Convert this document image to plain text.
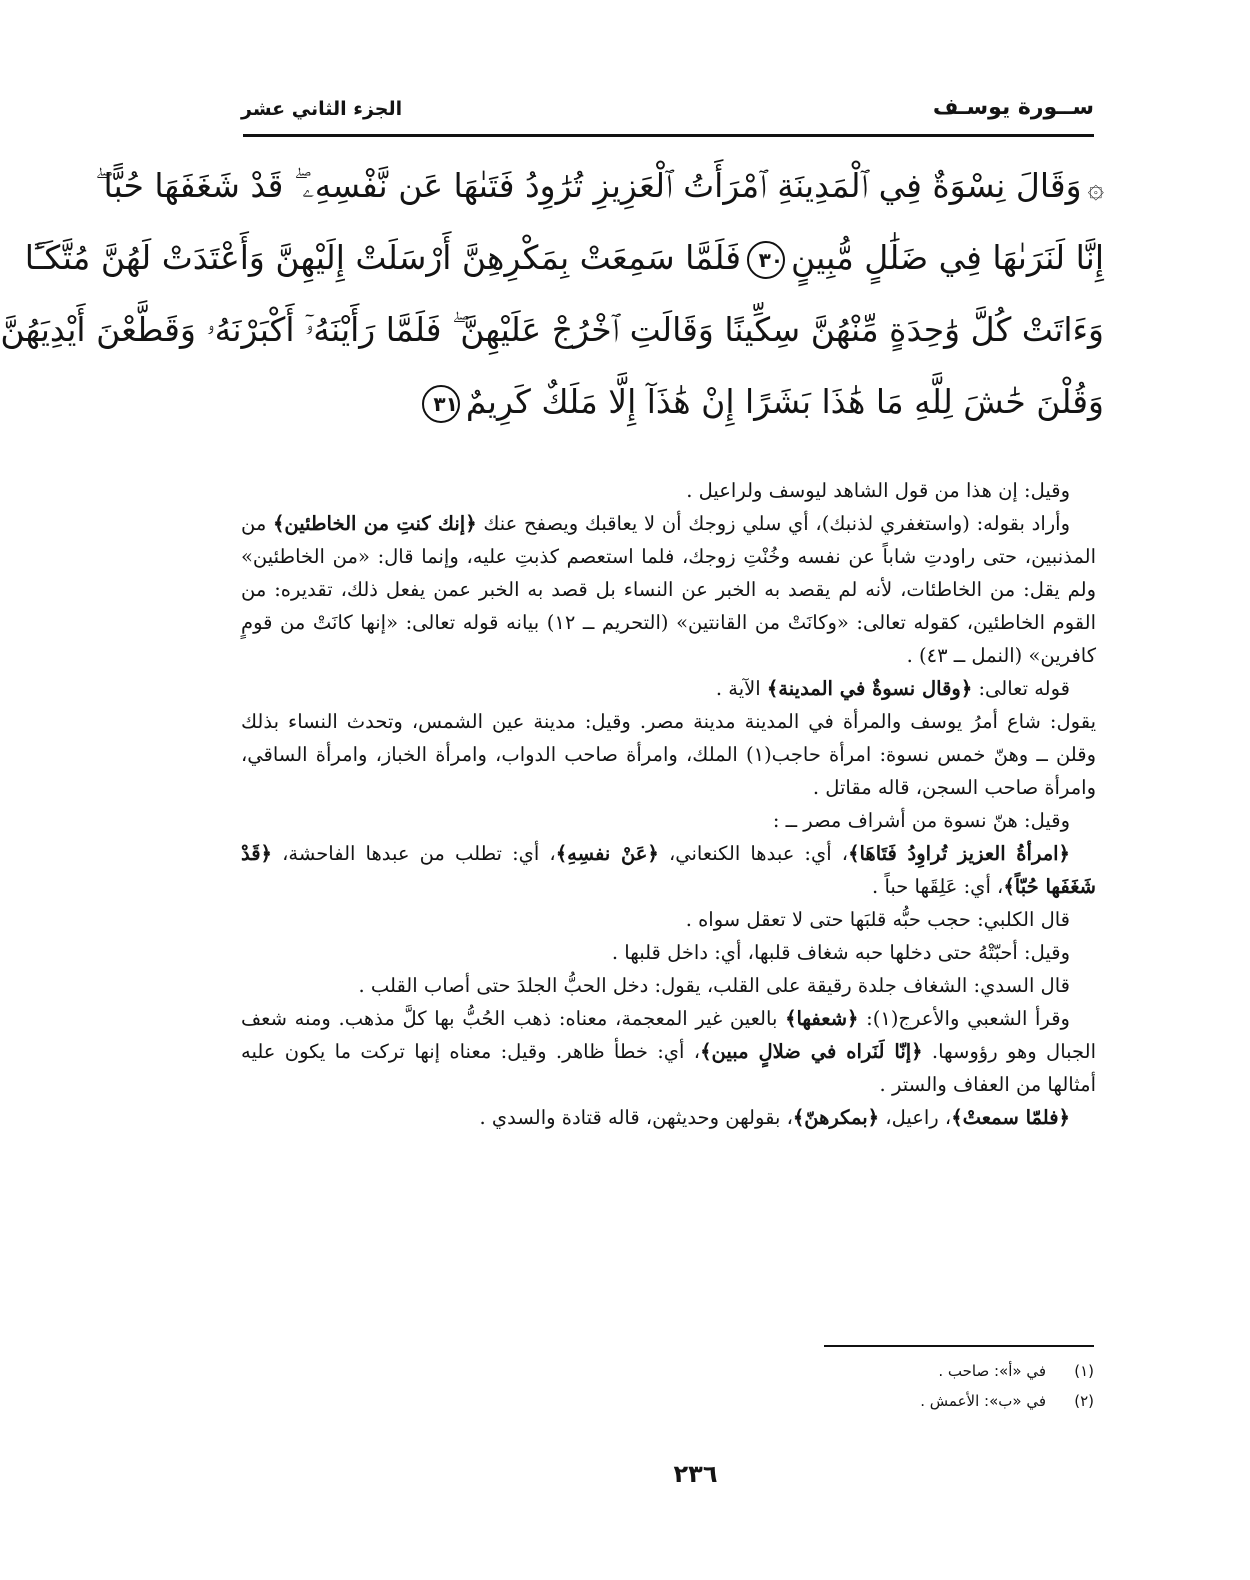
ســورة يوسـف
الجزء الثاني عشر
۞وَقَالَ نِسْوَةٌ فِي ٱلْمَدِينَةِ ٱمْرَأَتُ ٱلْعَزِيزِ تُرَٰوِدُ فَتَىٰهَا عَن نَّفْسِهِۦ ۖ قَدْ شَغَفَهَا حُبًّا ۖ
إِنَّا لَنَرَىٰهَا فِي ضَلَٰلٍ مُّبِينٍ٣٠فَلَمَّا سَمِعَتْ بِمَكْرِهِنَّ أَرْسَلَتْ إِلَيْهِنَّ وَأَعْتَدَتْ لَهُنَّ مُتَّكَـًٔا
وَءَاتَتْ كُلَّ وَٰحِدَةٍ مِّنْهُنَّ سِكِّينًا وَقَالَتِ ٱخْرُجْ عَلَيْهِنَّ ۖ فَلَمَّا رَأَيْنَهُۥٓ أَكْبَرْنَهُۥ وَقَطَّعْنَ أَيْدِيَهُنَّ
وَقُلْنَ حَٰشَ لِلَّهِ مَا هَٰذَا بَشَرًا إِنْ هَٰذَآ إِلَّا مَلَكٌ كَرِيمٌ٣١

وقيل: إن هذا من قول الشاهد ليوسف ولراعيل .

وأراد بقوله: (واستغفري لذنبك)، أي سلي زوجك أن لا يعاقبك ويصفح عنك ﴿إنك كنتِ من الخاطئين﴾ من المذنبين، حتى راودتِ شاباً عن نفسه وخُنْتِ زوجك، فلما استعصم كذبتِ عليه، وإنما قال: «من الخاطئين» ولم يقل: من الخاطئات، لأنه لم يقصد به الخبر عن النساء بل قصد به الخبر عمن يفعل ذلك، تقديره: من القوم الخاطئين، كقوله تعالى: «وكانَتْ من القانتين» (التحريم ــ ١٢) بيانه قوله تعالى: «إنها كانَتْ من قومٍ كافرين» (النمل ــ ٤٣) .

قوله تعالى: ﴿وقال نسوةٌ في المدينة﴾ الآية .

يقول: شاع أمرُ يوسف والمرأة في المدينة مدينة مصر. وقيل: مدينة عين الشمس، وتحدث النساء بذلك وقلن ــ وهنّ خمس نسوة: امرأة حاجب(١) الملك، وامرأة صاحب الدواب، وامرأة الخباز، وامرأة الساقي، وامرأة صاحب السجن، قاله مقاتل .

وقيل: هنّ نسوة من أشراف مصر ــ :

﴿امرأةُ العزيز تُراوِدُ فَتَاهَا﴾، أي: عبدها الكنعاني، ﴿عَنْ نفسِهِ﴾، أي: تطلب من عبدها الفاحشة، ﴿قَدْ شَغَفَها حُبّاً﴾، أي: عَلِقَها حباً .

قال الكلبي: حجب حبُّه قلبَها حتى لا تعقل سواه .

وقيل: أحبّتْهُ حتى دخلها حبه شغاف قلبها، أي: داخل قلبها .

قال السدي: الشغاف جلدة رقيقة على القلب، يقول: دخل الحبُّ الجلدَ حتى أصاب القلب .

وقرأ الشعبي والأعرج(١): ﴿شعفها﴾ بالعين غير المعجمة، معناه: ذهب الحُبُّ بها كلَّ مذهب. ومنه شعف الجبال وهو رؤوسها. ﴿إنّا لَنَراه في ضلالٍ مبين﴾، أي: خطأ ظاهر. وقيل: معناه إنها تركت ما يكون عليه أمثالها من العفاف والستر .

﴿فلمّا سمعتْ﴾، راعيل، ﴿بمكرهنّ﴾، بقولهن وحديثهن، قاله قتادة والسدي .

(١)
في «أ»: صاحب .
(٢)
في «ب»: الأعمش .
٢٣٦
